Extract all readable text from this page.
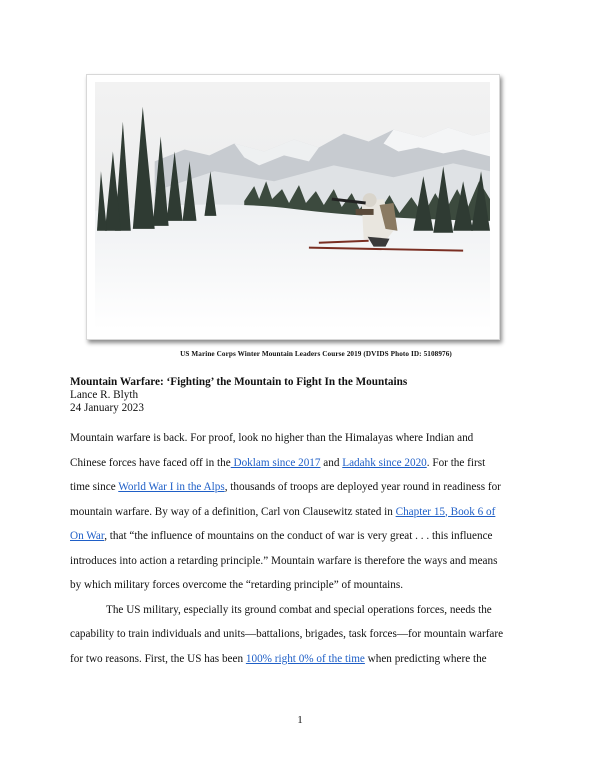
US Marine Corps Winter Mountain Leaders Course 2019 (DVIDS Photo ID: 5108976)
Mountain Warfare: ‘Fighting’ the Mountain to Fight In the Mountains
Lance R. Blyth
24 January 2023

Mountain warfare is back. For proof, look no higher than the Himalayas where Indian and
Chinese forces have faced off in the Doklam since 2017 and Ladahk since 2020. For the first
time since World War I in the Alps, thousands of troops are deployed year round in readiness for
mountain warfare. By way of a definition, Carl von Clausewitz stated in Chapter 15, Book 6 of
On War, that “the influence of mountains on the conduct of war is very great . . . this influence
introduces into action a retarding principle.” Mountain warfare is therefore the ways and means
by which military forces overcome the “retarding principle” of mountains.

The US military, especially its ground combat and special operations forces, needs the
capability to train individuals and units—battalions, brigades, task forces—for mountain warfare
for two reasons. First, the US has been 100% right 0% of the time when predicting where the

1
